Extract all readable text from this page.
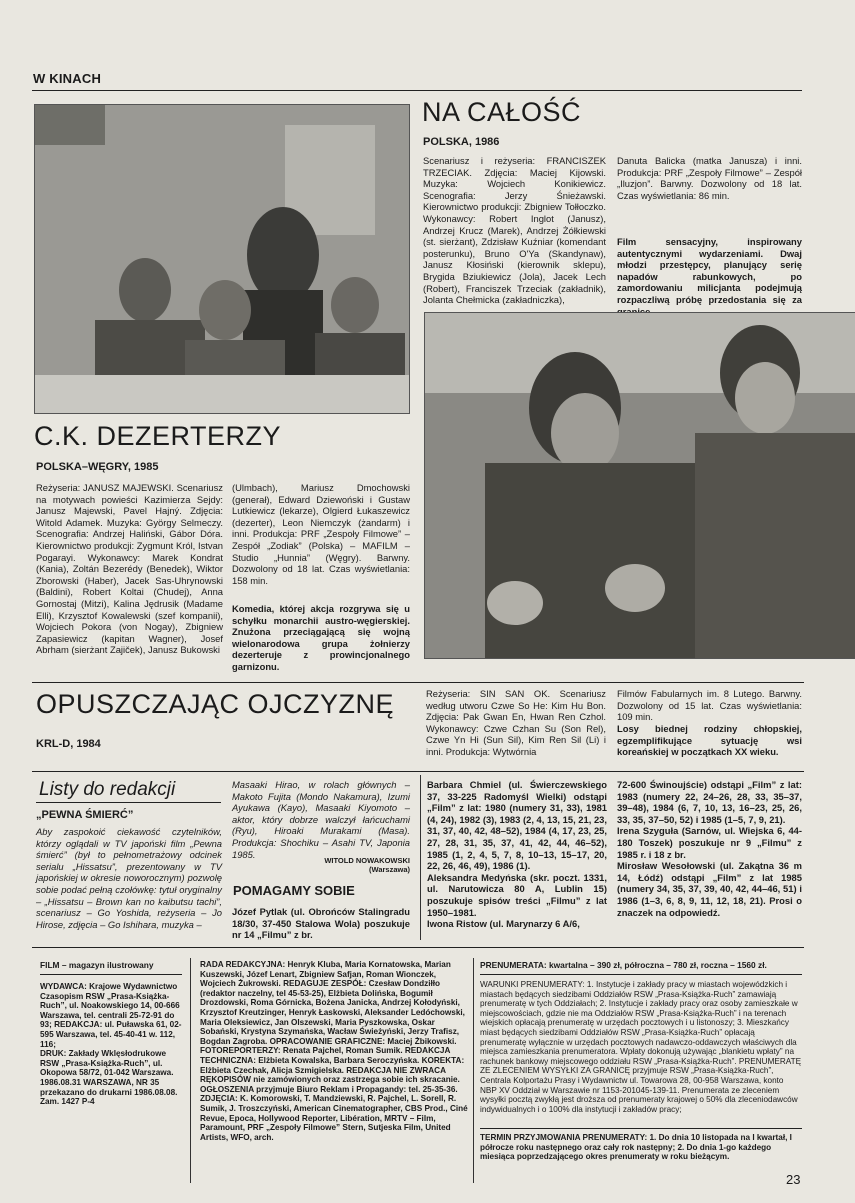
W KINACH
NA CAŁOŚĆ
POLSKA, 1986
Scenariusz i reżyseria: FRANCISZEK TRZECIAK. Zdjęcia: Maciej Kijowski. Muzyka: Wojciech Konikiewicz. Scenografia: Jerzy Śnieżawski. Kierownictwo produkcji: Zbigniew Tołłoczko. Wykonawcy: Robert Inglot (Janusz), Andrzej Krucz (Marek), Andrzej Żółkiewski (st. sierżant), Zdzisław Kuźniar (komendant posterunku), Bruno O'Ya (Skandynaw), Janusz Kłosiński (kierownik sklepu), Brygida Bziukiewicz (Jola), Jacek Lech (Robert), Franciszek Trzeciak (zakładnik), Jolanta Chełmicka (zakładniczka),
Danuta Balicka (matka Janusza) i inni. Produkcja: PRF „Zespoły Filmowe” – Zespół „Iluzjon”. Barwny. Dozwolony od 18 lat. Czas wyświetlania: 86 min.
Film sensacyjny, inspirowany autentycznymi wydarzeniami. Dwaj młodzi przestępcy, planujący serię napadów rabunkowych, po zamordowaniu milicjanta podejmują rozpaczliwą próbę przedostania się za
C.K. DEZERTERZY
POLSKA–WĘGRY, 1985
Reżyseria: JANUSZ MAJEWSKI. Scenariusz na motywach powieści Kazimierza Sejdy: Janusz Majewski, Pavel Hajný. Zdjęcia: Witold Adamek. Muzyka: György Selmeczy. Scenografia: Andrzej Haliński, Gábor Dóra. Kierownictwo produkcji: Zygmunt Król, Istvan Pogarayi. Wykonawcy: Marek Kondrat (Kania), Zoltán Bezerédy (Benedek), Wiktor Zborowski (Haber), Jacek Sas-Uhrynowski (Baldini), Robert Koltai (Chudej), Anna Gornostaj (Mitzi), Kalina Jędrusik (Madame Elli), Krzysztof Kowalewski (szef kompanii), Wojciech Pokora (von Nogay), Zbigniew Zapasiewicz (kapitan Wagner), Josef Abrham (sierżant Zajiček), Janusz Bukowski
(Ulmbach), Mariusz Dmochowski (generał), Edward Dziewoński i Gustaw Lutkiewicz (lekarze), Olgierd Łukaszewicz (dezerter), Leon Niemczyk (żandarm) i inni. Produkcja: PRF „Zespoły Filmowe” – Zespół „Zodiak” (Polska) – MAFILM – Studio „Hunnia” (Węgry). Barwny. Dozwolony od 18 lat. Czas wyświetlania: 158 min.
Komedia, której akcja rozgrywa się u schyłku monarchii austro-węgierskiej. Znużona przeciągającą się wojną wielonarodowa grupa żołnierzy dezerteruje z prowincjonalnego garnizonu.
OPUSZCZAJĄC OJCZYZNĘ
KRL-D, 1984
Reżyseria: SIN SAN OK. Scenariusz według utworu Czwe So He: Kim Hu Bon. Zdjęcia: Pak Gwan En, Hwan Ren Czhol. Wykonawcy: Czwe Czhan Su (Son Rel), Czwe Yn Hi (Sun Sil), Kim Ren Sil (Li) i inni. Produkcja: Wytwórnia
Filmów Fabularnych im. 8 Lutego. Barwny. Dozwolony od 15 lat. Czas wyświetlania: 109 min.
Losy biednej rodziny chłopskiej, egzemplifikujące sytuację wsi koreańskiej w początkach XX wieku.
Listy do redakcji
„PEWNA ŚMIERĆ”
Aby zaspokoić ciekawość czytelników, którzy oglądali w TV japoński film „Pewna śmierć” (był to pełnometrażowy odcinek serialu „Hissatsu”, prezentowany w TV japońskiej w okresie noworocznym) pozwolę sobie podać pełną czołówkę: tytuł oryginalny – „Hissatsu – Brown kan no kaibutsu tachi”, scenariusz – Go Yoshida, reżyseria – Jo Hirose, zdjęcia – Go Ishihara, muzyka –
Masaaki Hirao, w rolach głównych – Makoto Fujita (Mondo Nakamura), Izumi Ayukawa (Kayo), Masaaki Kiyomoto – aktor, który dobrze walczył łańcuchami (Ryu), Hiroaki Murakami (Masa). Produkcja: Shochiku – Asahi TV, Japonia 1985.
WITOLD NOWAKOWSKI
(Warszawa)
POMAGAMY SOBIE
Józef Pytlak (ul. Obrońców Stalingradu 18/30, 37-450 Stalowa Wola) poszukuje nr 14 „Filmu” z br.
Barbara Chmiel (ul. Świerczewskiego 37, 33-225 Radomyśl Wielki) odstąpi „Film” z lat: 1980 (numery 31, 33), 1981 (4, 24), 1982 (3), 1983 (2, 4, 13, 15, 21, 23, 31, 37, 40, 42, 48–52), 1984 (4, 17, 23, 25, 27, 28, 31, 35, 37, 41, 42, 44, 46–52), 1985 (1, 2, 4, 5, 7, 8, 10–13, 15–17, 20, 22, 26, 46, 49), 1986 (1).
Aleksandra Medyńska (skr. poczt. 1331, ul. Narutowicza 80 A, Lublin 15) poszukuje spisów treści „Filmu” z lat 1950–1981.
Iwona Ristow (ul. Marynarzy 6 A/6,
72-600 Świnoujście) odstąpi „Film” z lat: 1983 (numery 22, 24–26, 28, 33, 35–37, 39–48), 1984 (6, 7, 10, 13, 16–23, 25, 26, 33, 35, 37–50, 52) i 1985 (1–5, 7, 9, 21).
Irena Szyguła (Sarnów, ul. Wiejska 6, 44-180 Toszek) poszukuje nr 9 „Filmu” z 1985 r. i 18 z br.
Mirosław Wesołowski (ul. Zakątna 36 m 14, Łódź) odstąpi „Film” z lat 1985 (numery 34, 35, 37, 39, 40, 42, 44–46, 51) i 1986 (1–3, 6, 8, 9, 11, 12, 18, 21). Prosi o znaczek na odpowiedź.
FILM – magazyn ilustrowany
WYDAWCA: Krajowe Wydawnictwo Czasopism RSW „Prasa-Książka-Ruch”, ul. Noakowskiego 14, 00-666 Warszawa, tel. centrali 25-72-91 do 93; REDAKCJA: ul. Puławska 61, 02-595 Warszawa, tel. 45-40-41 w. 112, 116;
DRUK: Zakłady Wklęsłodrukowe RSW „Prasa-Książka-Ruch”, ul. Okopowa 58/72, 01-042 Warszawa.
1986.08.31 WARSZAWA, NR 35 przekazano do drukarni 1986.08.08. Zam. 1427 P-4
RADA REDAKCYJNA: Henryk Kluba, Maria Kornatowska, Marian Kuszewski, Józef Lenart, Zbigniew Safjan, Roman Wionczek, Wojciech Żukrowski. REDAGUJE ZESPÓŁ: Czesław Dondziłło (redaktor naczelny, tel 45-53-25), Elżbieta Dolińska, Bogumił Drozdowski, Roma Górnicka, Bożena Janicka, Andrzej Kołodyński, Krzysztof Kreutzinger, Henryk Łaskowski, Aleksander Ledóchowski, Maria Oleksiewicz, Jan Olszewski, Maria Pyszkowska, Oskar Sobański, Krystyna Szymańska, Wacław Świeżyński, Jerzy Trafisz, Bogdan Zagroba. OPRACOWANIE GRAFICZNE: Maciej Żbikowski. FOTOREPORTERZY: Renata Pajchel, Roman Sumik. REDAKCJA TECHNICZNA: Elżbieta Kowalska, Barbara Seroczyńska. KOREKTA: Elżbieta Czechak, Alicja Szmigielska. REDAKCJA NIE ZWRACA RĘKOPISÓW nie zamówionych oraz zastrzega sobie ich skracanie. OGŁOSZENIA przyjmuje Biuro Reklam i Propagandy: tel. 25-35-36.
ZDJĘCIA: K. Komorowski, T. Mandziewski, R. Pajchel, L. Sorell, R. Sumik, J. Troszczyński, American Cinematographer, CBS Prod., Ciné Revue, Epoca, Hollywood Reporter, Libération, MRTV – Film, Paramount, PRF „Zespoły Filmowe” Stern, Sutjeska Film, United Artists, WFO, arch.
PRENUMERATA: kwartalna – 390 zł, półroczna – 780 zł, roczna – 1560 zł.
WARUNKI PRENUMERATY: 1. Instytucje i zakłady pracy w miastach wojewódzkich i miastach będących siedzibami Oddziałów RSW „Prasa-Książka-Ruch” zamawiają prenumeratę w tych Oddziałach; 2. Instytucje i zakłady pracy oraz osoby zamieszkałe w miejscowościach, gdzie nie ma Oddziałów RSW „Prasa-Książka-Ruch” i na terenach wiejskich opłacają prenumeratę w urzędach pocztowych i u listonoszy; 3. Mieszkańcy miast będących siedzibami Oddziałów RSW „Prasa-Książka-Ruch” opłacają prenumeratę wyłącznie w urzędach pocztowych nadawczo-oddawczych właściwych dla miejsca zamieszkania prenumeratora. Wpłaty dokonują używając „blankietu wpłaty” na rachunek bankowy miejscowego oddziału RSW „Prasa-Książka-Ruch”. PRENUMERATĘ ZE ZLECENIEM WYSYŁKI ZA GRANICĘ przyjmuje RSW „Prasa-Książka-Ruch”, Centrala Kolportażu Prasy i Wydawnictw ul. Towarowa 28, 00-958 Warszawa, konto NBP XV Oddział w Warszawie nr 1153-201045-139-11. Prenumerata ze zleceniem wysyłki pocztą zwykłą jest droższa od prenumeraty krajowej o 50% dla zleceniodawców indywidualnych i o 100% dla instytucji i zakładów pracy;
TERMIN PRZYJMOWANIA PRENUMERATY: 1. Do dnia 10 listopada na I kwartał, I półrocze roku następnego oraz cały rok następny; 2. Do dnia 1-go każdego miesiąca poprzedzającego okres prenumeraty w roku bieżącym.
23
